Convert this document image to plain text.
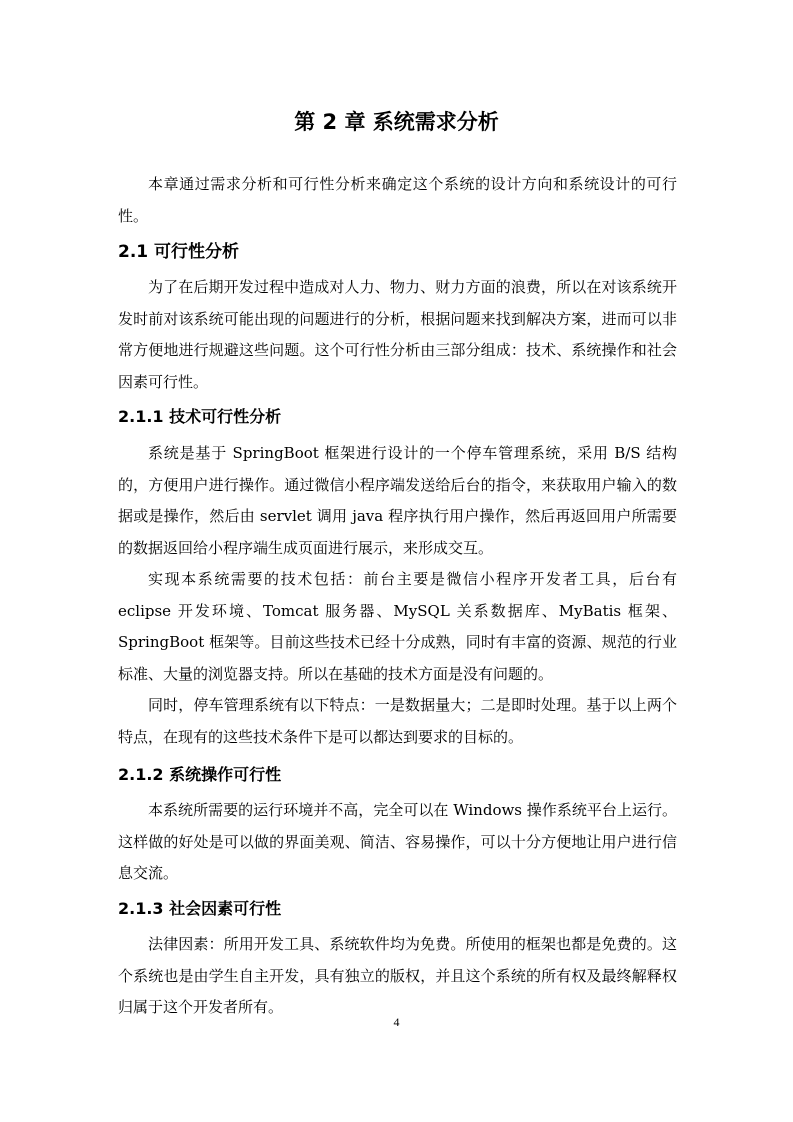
第 2 章 系统需求分析

本章通过需求分析和可行性分析来确定这个系统的设计方向和系统设计的可行性。

2.1 可行性分析

为了在后期开发过程中造成对人力、物力、财力方面的浪费，所以在对该系统开发时前对该系统可能出现的问题进行的分析，根据问题来找到解决方案，进而可以非常方便地进行规避这些问题。这个可行性分析由三部分组成：技术、系统操作和社会因素可行性。

2.1.1 技术可行性分析

系统是基于 SpringBoot 框架进行设计的一个停车管理系统，采用 B/S 结构的，方便用户进行操作。通过微信小程序端发送给后台的指令，来获取用户输入的数据或是操作，然后由 servlet 调用 java 程序执行用户操作，然后再返回用户所需要的数据返回给小程序端生成页面进行展示，来形成交互。

实现本系统需要的技术包括：前台主要是微信小程序开发者工具，后台有 eclipse 开发环境、Tomcat 服务器、MySQL 关系数据库、MyBatis 框架、SpringBoot 框架等。目前这些技术已经十分成熟，同时有丰富的资源、规范的行业标准、大量的浏览器支持。所以在基础的技术方面是没有问题的。

同时，停车管理系统有以下特点：一是数据量大；二是即时处理。基于以上两个特点，在现有的这些技术条件下是可以都达到要求的目标的。

2.1.2 系统操作可行性

本系统所需要的运行环境并不高，完全可以在 Windows 操作系统平台上运行。这样做的好处是可以做的界面美观、简洁、容易操作，可以十分方便地让用户进行信息交流。

2.1.3 社会因素可行性

法律因素：所用开发工具、系统软件均为免费。所使用的框架也都是免费的。这个系统也是由学生自主开发，具有独立的版权，并且这个系统的所有权及最终解释权归属于这个开发者所有。

4
